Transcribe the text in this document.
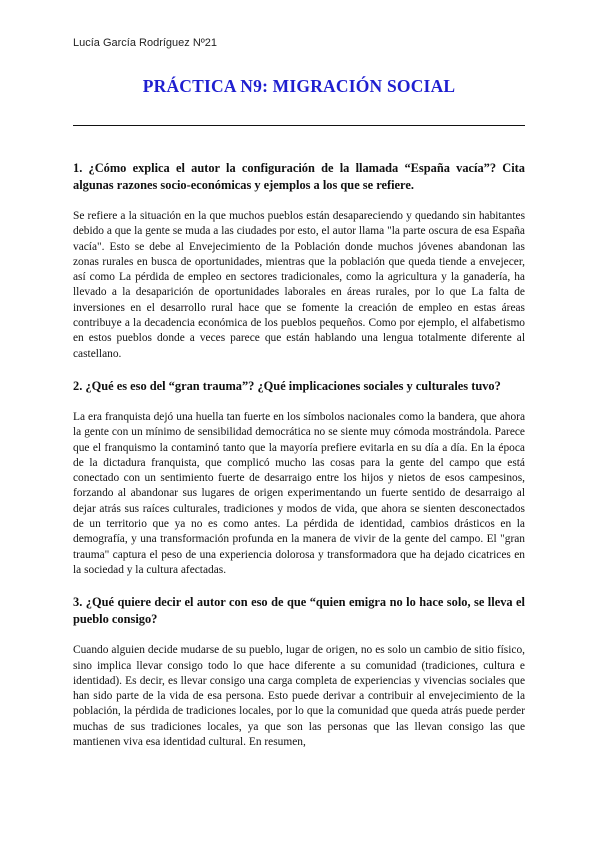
Lucía García Rodríguez Nº21
PRÁCTICA N9: MIGRACIÓN SOCIAL

1. ¿Cómo explica el autor la configuración de la llamada “España vacía”? Cita algunas razones socio-económicas y ejemplos a los que se refiere.

Se refiere a la situación en la que muchos pueblos están desapareciendo y quedando sin habitantes debido a que la gente se muda a las ciudades por esto, el autor llama "la parte oscura de esa España vacía". Esto se debe al Envejecimiento de la Población donde muchos jóvenes abandonan las zonas rurales en busca de oportunidades, mientras que la población que queda tiende a envejecer, así como La pérdida de empleo en sectores tradicionales, como la agricultura y la ganadería, ha llevado a la desaparición de oportunidades laborales en áreas rurales, por lo que La falta de inversiones en el desarrollo rural hace que se fomente la creación de empleo en estas áreas contribuye a la decadencia económica de los pueblos pequeños. Como por ejemplo, el alfabetismo en estos pueblos donde a veces parece que están hablando una lengua totalmente diferente al castellano.

2. ¿Qué es eso del “gran trauma”? ¿Qué implicaciones sociales y culturales tuvo?

La era franquista dejó una huella tan fuerte en los símbolos nacionales como la bandera, que ahora la gente con un mínimo de sensibilidad democrática no se siente muy cómoda mostrándola. Parece que el franquismo la contaminó tanto que la mayoría prefiere evitarla en su día a día. En la época de la dictadura franquista, que complicó mucho las cosas para la gente del campo que está conectado con un sentimiento fuerte de desarraigo entre los hijos y nietos de esos campesinos, forzando al abandonar sus lugares de origen experimentando un fuerte sentido de desarraigo al dejar atrás sus raíces culturales, tradiciones y modos de vida, que ahora se sienten desconectados de un territorio que ya no es como antes. La pérdida de identidad, cambios drásticos en la demografía, y una transformación profunda en la manera de vivir de la gente del campo. El "gran trauma" captura el peso de una experiencia dolorosa y transformadora que ha dejado cicatrices en la sociedad y la cultura afectadas.

3. ¿Qué quiere decir el autor con eso de que “quien emigra no lo hace solo, se lleva el pueblo consigo?

Cuando alguien decide mudarse de su pueblo, lugar de origen, no es solo un cambio de sitio físico, sino implica llevar consigo todo lo que hace diferente a su comunidad (tradiciones, cultura e identidad). Es decir, es llevar consigo una carga completa de experiencias y vivencias sociales que han sido parte de la vida de esa persona. Esto puede derivar a contribuir al envejecimiento de la población, la pérdida de tradiciones locales, por lo que la comunidad que queda atrás puede perder muchas de sus tradiciones locales, ya que son las personas que las llevan consigo las que mantienen viva esa identidad cultural. En resumen,
